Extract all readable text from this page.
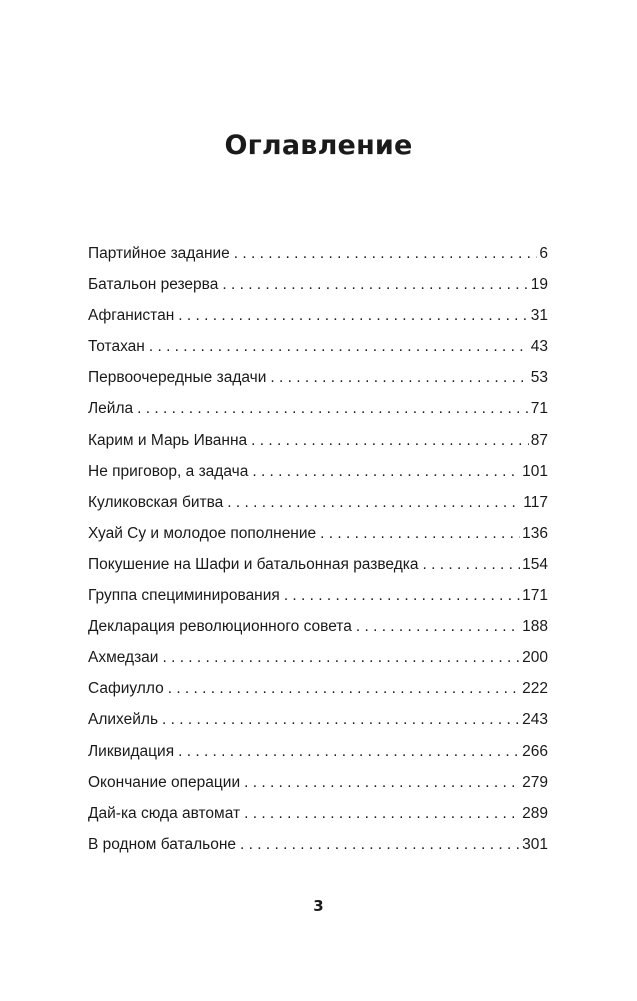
Оглавление
Партийное задание . . .	6
Батальон резерва . . .	19
Афганистан . . .	31
Тотахан . . .	43
Первоочередные задачи . . .	53
Лейла . . .	71
Карим и Марь Иванна . . .	87
Не приговор, а задача . . .	101
Куликовская битва . . .	117
Хуай Су и молодое пополнение . . .	136
Покушение на Шафи и батальонная разведка . . .	154
Группа специминирования . . .	171
Декларация революционного совета . . .	188
Ахмедзаи . . .	200
Сафиулло . . .	222
Алихейль . . .	243
Ликвидация . . .	266
Окончание операции . . .	279
Дай-ка сюда автомат . . .	289
В родном батальоне . . .	301
3
